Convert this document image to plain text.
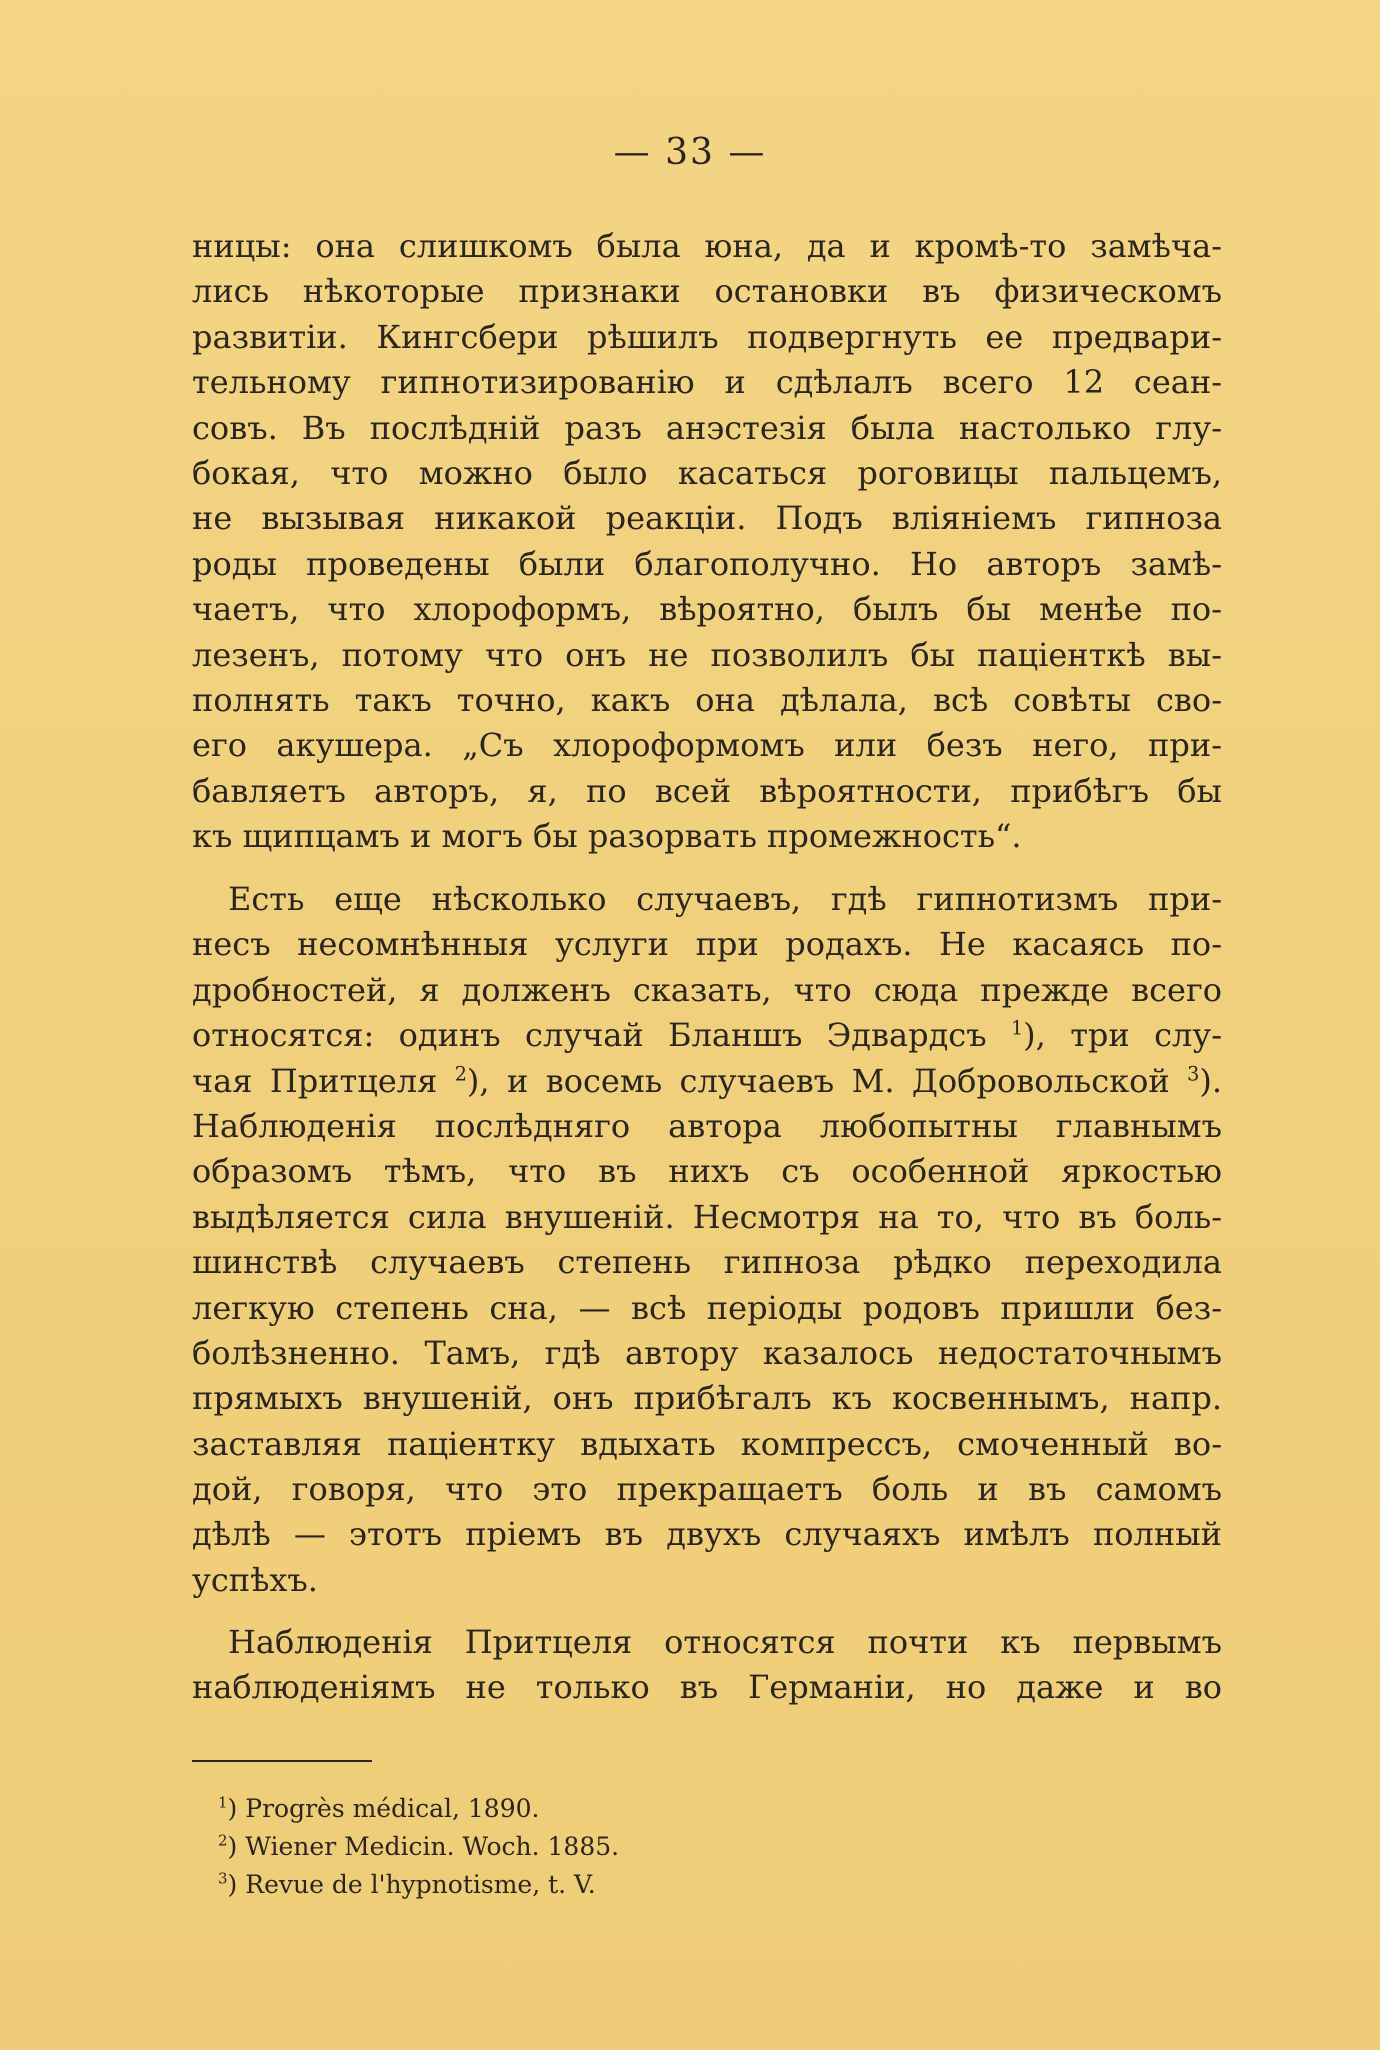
— 33 —
ницы: она слишкомъ была юна, да и кромѣ-то замѣча-
лись нѣкоторые признаки остановки въ физическомъ
развитіи. Кингсбери рѣшилъ подвергнуть ее предвари-
тельному гипнотизированію и сдѣлалъ всего 12 сеан-
совъ. Въ послѣдній разъ анэстезія была настолько глу-
бокая, что можно было касаться роговицы пальцемъ,
не вызывая никакой реакціи. Подъ вліяніемъ гипноза
роды проведены были благополучно. Но авторъ замѣ-
чаетъ, что хлороформъ, вѣроятно, былъ бы менѣе по-
лезенъ, потому что онъ не позволилъ бы паціенткѣ вы-
полнять такъ точно, какъ она дѣлала, всѣ совѣты сво-
его акушера. „Съ хлороформомъ или безъ него, при-
бавляетъ авторъ, я, по всей вѣроятности, прибѣгъ бы
къ щипцамъ и могъ бы разорвать промежность“.
Есть еще нѣсколько случаевъ, гдѣ гипнотизмъ при-
несъ несомнѣнныя услуги при родахъ. Не касаясь по-
дробностей, я долженъ сказать, что сюда прежде всего
относятся: одинъ случай Бланшъ Эдвардсъ $^1$), три слу-
чая Притцеля $^2$), и восемь случаевъ М. Добровольской $^3$).
Наблюденія послѣдняго автора любопытны главнымъ
образомъ тѣмъ, что въ нихъ съ особенной яркостью
выдѣляется сила внушеній. Несмотря на то, что въ боль-
шинствѣ случаевъ степень гипноза рѣдко переходила
легкую степень сна, — всѣ періоды родовъ пришли без-
болѣзненно. Тамъ, гдѣ автору казалось недостаточнымъ
прямыхъ внушеній, онъ прибѣгалъ къ косвеннымъ, напр.
заставляя паціентку вдыхать компрессъ, смоченный во-
дой, говоря, что это прекращаетъ боль и въ самомъ
дѣлѣ — этотъ пріемъ въ двухъ случаяхъ имѣлъ полный
успѣхъ.
Наблюденія Притцеля относятся почти къ первымъ
наблюденіямъ не только въ Германіи, но даже и во
$^1$) Progrès médical, 1890.
$^2$) Wiener Medicin. Woch. 1885.
$^3$) Revue de l'hypnotisme, t. V.
